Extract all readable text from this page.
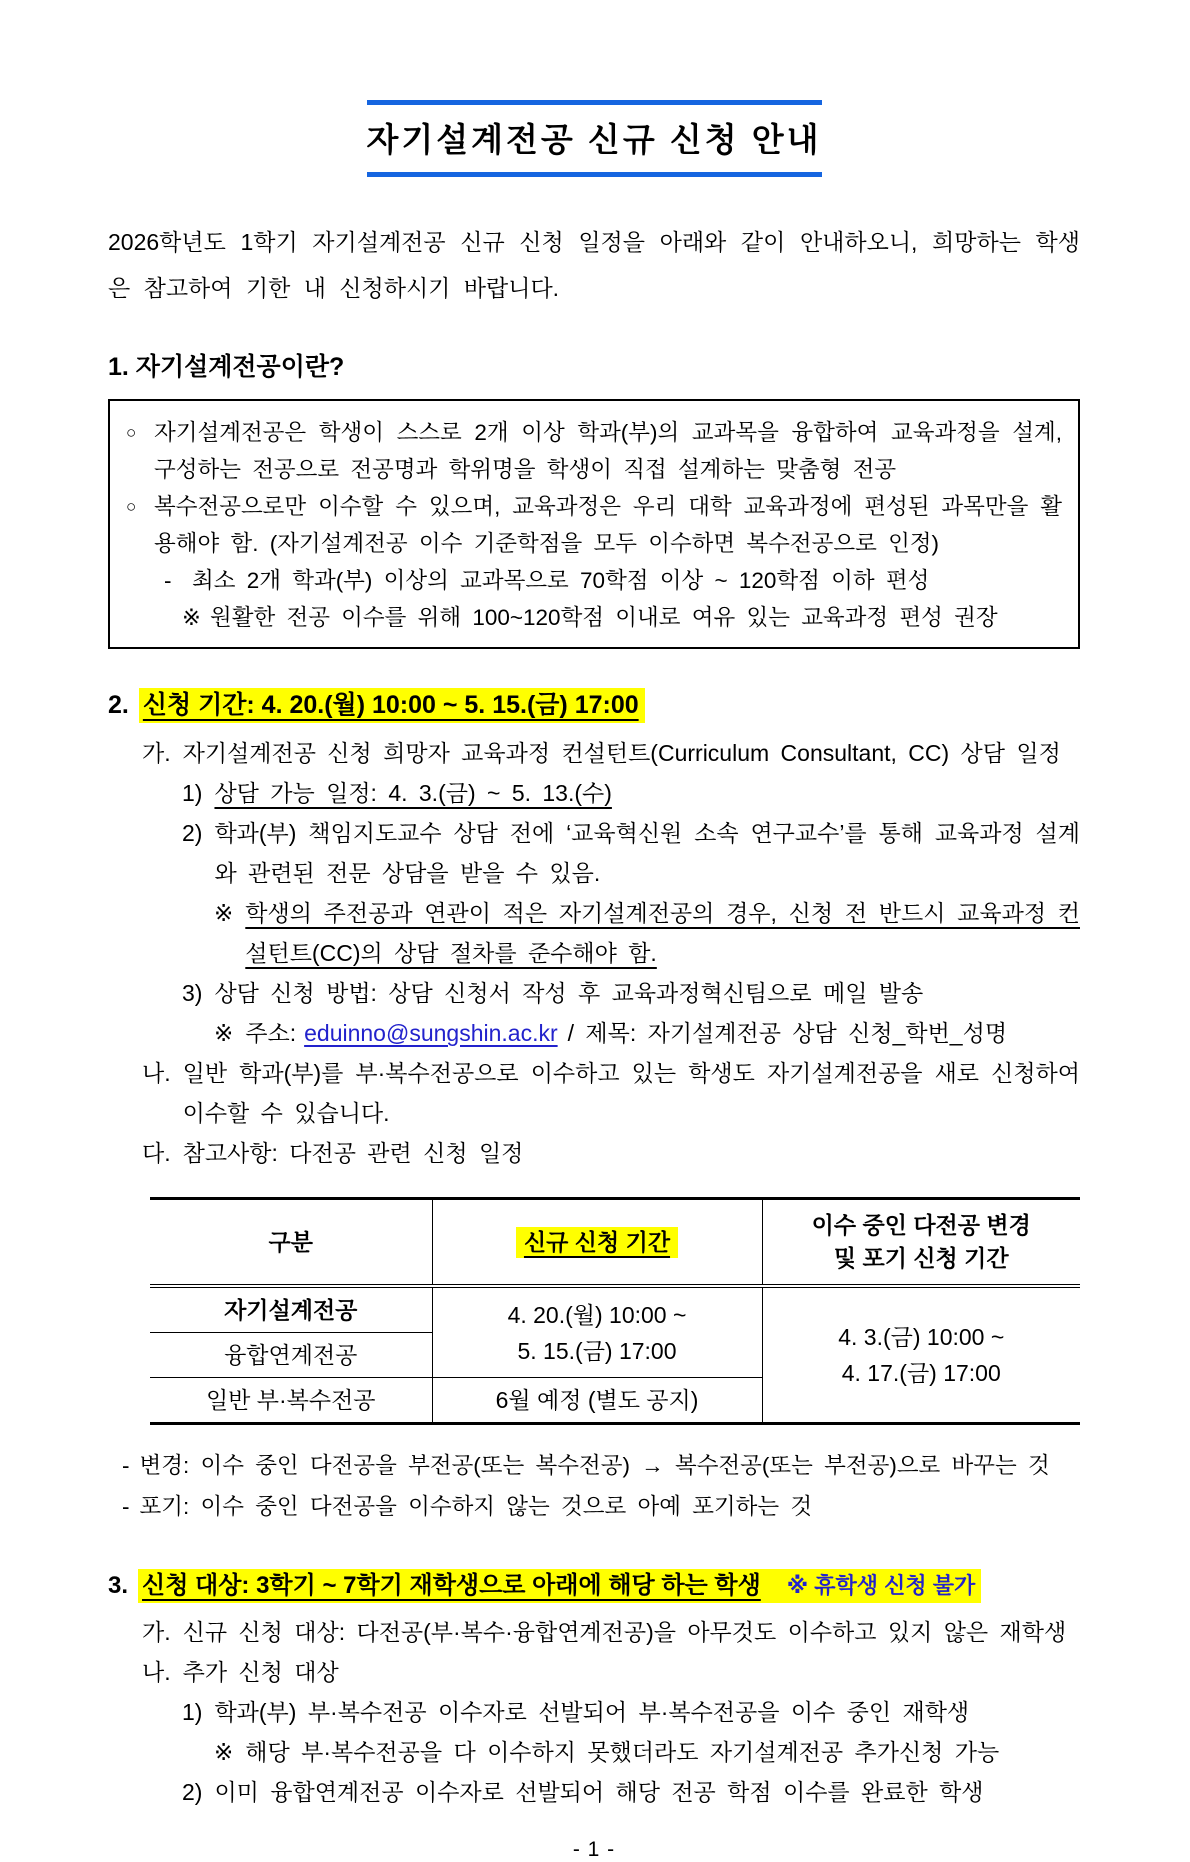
자기설계전공 신규 신청 안내

2026학년도 1학기 자기설계전공 신규 신청 일정을 아래와 같이 안내하오니, 희망하는 학생은 참고하여 기한 내 신청하시기 바랍니다.

1. 자기설계전공이란?
○ 자기설계전공은 학생이 스스로 2개 이상 학과(부)의 교과목을 융합하여 교육과정을 설계, 구성하는 전공으로 전공명과 학위명을 학생이 직접 설계하는 맞춤형 전공
○ 복수전공으로만 이수할 수 있으며, 교육과정은 우리 대학 교육과정에 편성된 과목만을 활용해야 함. (자기설계전공 이수 기준학점을 모두 이수하면 복수전공으로 인정)
- 최소 2개 학과(부) 이상의 교과목으로 70학점 이상 ~ 120학점 이하 편성
※ 원활한 전공 이수를 위해 100~120학점 이내로 여유 있는 교육과정 편성 권장
2. 신청 기간: 4. 20.(월) 10:00 ~ 5. 15.(금) 17:00
가. 자기설계전공 신청 희망자 교육과정 컨설턴트(Curriculum Consultant, CC) 상담 일정
1) 상담 가능 일정: 4. 3.(금) ~ 5. 13.(수)
2) 학과(부) 책임지도교수 상담 전에 ‘교육혁신원 소속 연구교수’를 통해 교육과정 설계와 관련된 전문 상담을 받을 수 있음.
※ 학생의 주전공과 연관이 적은 자기설계전공의 경우, 신청 전 반드시 교육과정 컨설턴트(CC)의 상담 절차를 준수해야 함.
3) 상담 신청 방법: 상담 신청서 작성 후 교육과정혁신팀으로 메일 발송
※ 주소: eduinno@sungshin.ac.kr / 제목: 자기설계전공 상담 신청_학번_성명
나. 일반 학과(부)를 부·복수전공으로 이수하고 있는 학생도 자기설계전공을 새로 신청하여 이수할 수 있습니다.
다. 참고사항: 다전공 관련 신청 일정
구분	신규 신청 기간	이수 중인 다전공 변경
및 포기 신청 기간

자기설계전공	4. 20.(월) 10:00 ~
5. 15.(금) 17:00	4. 3.(금) 10:00 ~
4. 17.(금) 17:00

융합연계전공		
일반 부·복수전공	6월 예정 (별도 공지)	
- 변경: 이수 중인 다전공을 부전공(또는 복수전공) → 복수전공(또는 부전공)으로 바꾸는 것
- 포기: 이수 중인 다전공을 이수하지 않는 것으로 아예 포기하는 것
3. 신청 대상: 3학기 ~ 7학기 재학생으로 아래에 해당 하는 학생 ※ 휴학생 신청 불가
가. 신규 신청 대상: 다전공(부·복수·융합연계전공)을 아무것도 이수하고 있지 않은 재학생
나. 추가 신청 대상
1) 학과(부) 부·복수전공 이수자로 선발되어 부·복수전공을 이수 중인 재학생
※ 해당 부·복수전공을 다 이수하지 못했더라도 자기설계전공 추가신청 가능
2) 이미 융합연계전공 이수자로 선발되어 해당 전공 학점 이수를 완료한 학생
- 1 -
